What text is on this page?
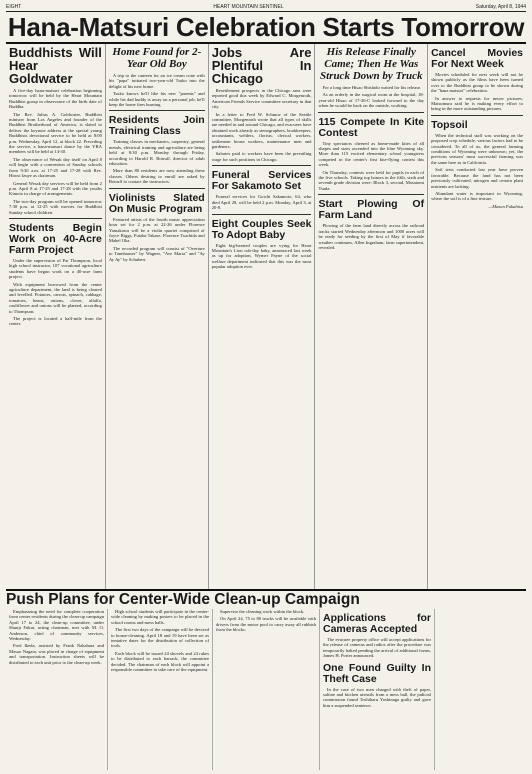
EIGHT	HEART MOUNTAIN SENTINEL	Saturday, April 8, 1944
Hana-Matsuri Celebration Starts Tomorrow
Buddhists Will Hear Goldwater

A five-day hana-matsuri celebration beginning tomorrow will be held by the Heart Mountain Buddhist group in observance of the birth date of Buddha.

The Rev. Julius A. Goldwater, Buddhist minister from Los Angeles and founder of the Buddhist Brotherhood of America, is slated to deliver the keynote address at the special young Buddhists devotional service to be held at 8:00 p.m. Wednesday, April 12, at block 22. Preceding the service, a hana-matsuri dance by the YBA members will be held at 14-30.

The observance of Wesak day itself on April 8 will begin with a convention of Sunday schools from 9:30 a.m. at 17-25 and 17-28 with Rev. Hirosi Izuye as chairman.

General Wesak day services will be held from 2 p.m. April 8 at 17-25 and 17-28 with the youths Kimoto in charge of arrangements.

The two-day program will be opened tomorrow 7:30 p.m. at 12-25 with movies for Buddhist Sunday school children.

Students Begin Work on 40-Acre Farm Project

Under the supervision of Pat Thompson, local high school instructor, 107 vocational agriculture students have begun work on a 40-acre farm project.

With equipment borrowed from the center agriculture department, the land is being cleared and levelled. Potatoes, carrots, spinach, cabbage, tomatoes, beans, onions, clover, alfalfa, cauliflower and onions will be planted, according to Thompson.

The project is located a half-mile from the center.

Home Found for 2-Year Old Boy

A trip to the canteen for an ice cream cone with his "papa" initiated two-year-old Tsuko into the delight of his new home.

Tsuko knows he'll like his new "parents" and while his dad buddy is away on a personal job, he'll keep the home fires burning.

Residents Join Training Class

Training classes in mechanics, carpentry, general metals, electrical training and agriculture are being held at 8:30 p.m. Monday through Friday, according to Harold R. Botruff, director of adult education.

More than 80 residents are now attending these classes. Others desiring to enroll are asked by Botruff to contact the instructors.

Violinists Slated On Music Program

Featured artists of the fourth music appreciation hour set for 2 p.m. at 22-26 under Florence Yamakawa will be a violin quartet comprised of Joyce Riggs, Futaba Takase, Florence Tsuchida and Mabel Oka.

The recorded program will consist of "Overture to Tannhauser" by Wagner, "Ave Maria" and "Ay Ay Ay" by Schubert.

Jobs Are Plentiful In Chicago

Resettlement prospects in the Chicago area were reported good this week by Edward C. Morgenroth, American Friends Service committee secretary in that city.

In a letter to Fred W. Schmoe of the Seattle committee, Morgenroth wrote that all types of skills are needed in and around Chicago, and evacuees have obtained work already as stenographers, bookkeepers, accountants, welders, florists, clerical workers, settlement house workers, maintenance men and gardeners.

Salaries paid to workers have been the prevailing wage for such positions in Chicago.

Funeral Services For Sakamoto Set

Funeral services for Goichi Sakamoto, 64, who died April 28, will be held 2 p.m. Monday, April 3, at 20-8.

Eight Couples Seek To Adopt Baby

Eight big-hearted couples are vying for Heart Mountain's Lion cub-day baby, announced last week as up for adoption, Wymer Payne of the social welfare department indicated that this was the most popular adoption ever.

His Release Finally Came; Then He Was Struck Down by Truck

For a long time Hisao Shishido waited for his release.

As an orderly in the surgical room at the hospital, 18-year-old Hisao of 17-26-C looked forward to the day when he would be back on the outside, working.

115 Compete In Kite Contest

Tiny spectators cheered as home-made kites of all shapes and sizes ascended into the blue Wyoming sky. More than 115 excited elementary school youngsters competed in the center's first kite-flying contest this week.

On Thursday, contests were held for pupils in each of the five schools. Taking top honors in the fifth, sixth and seventh grade division were: Block 3, second, Masatomi Tsuda.

Start Plowing Of Farm Land

Plowing of the farm land directly across the railroad tracks started Wednesday afternoon and 1000 acres will be ready for seeding by the first of May if favorable weather continues, Allen Ingraham, farm superintendent, revealed.

Cancel Movies For Next Week

Movies scheduled for next week will not be shown publicly as the films have been turned over to the Buddhist group to be shown during the "hana matsuri" celebration.

In answer to requests for newer pictures, Matsumura said he is making every effort to bring in the more outstanding pictures.

Topsoil

When the technical staff was working on the proposed crop schedule, various factors had to be considered. To all of us, the general farming conditions of Wyoming were unknown; yet, the previous seasons' most successful farming was the same here as in California.

Soil tests conducted last year have proven favorable. Because the land has not been previously cultivated, nitrogen and certain plant nutrients are lacking.

Abundant water is important in Wyoming, where the soil is of a fine texture.

—Mason Fukuhisa

Push Plans for Center-Wide Clean-up Campaign

Emphasizing the need for complete cooperation from center residents during the clean-up campaign April 17 to 24, the clean-up committee, under Shunji Fukui, acting chairman, met with M. O. Anderson, chief of community services, Wednesday.

Fred Ikeda, assisted by Frank Nakahara and Masao Nagata, was placed in charge of equipment and transportation. Instruction sheets will be distributed to each unit prior to the clean-up week.

High school students will participate in the center-wide cleaning by making posters to be placed in the school rooms and mess halls.

The first two days of the campaign will be devoted to house-cleaning. April 18 and 19 have been set as tentative dates for the distribution of collection of tools.

Each block will be issued 24 shovels and 24 rakes to be distributed to each barrack, the committee decided. The chairman of each block will appoint a responsible committee to take care of the equipment.

Supervise the cleaning work within the block.

On April 24, 75 to 80 trucks will be available with drivers from the motor pool to carry away all rubbish from the blocks.

Applications for Cameras Accepted

The evacuee property office will accept applications for the release of cameras and radios after the procedure was temporarily halted pending the arrival of additional forms, James H. Porter announced.

One Found Guilty In Theft Case

In the case of two men charged with theft of paper, saltine and kitchen utensils from a mess hall, the judicial commission found Toshiharu Yoshinaga guilty and gave him a suspended sentence.
